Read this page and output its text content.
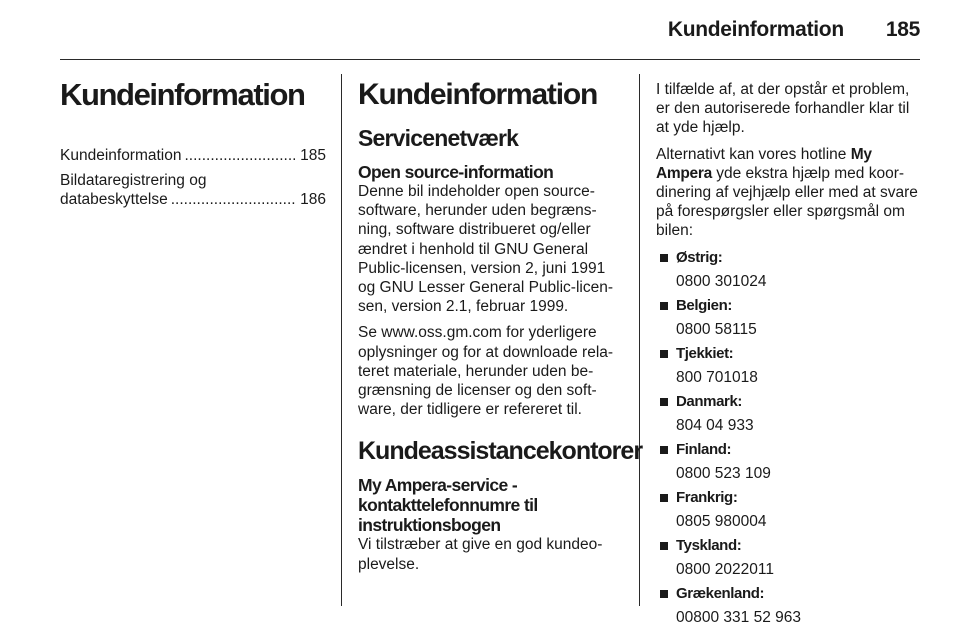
Kundeinformation 185
Kundeinformation
Kundeinformation .....	185
Bildataregistrering og
databeskyttelse .....	186
Kundeinformation
Servicenetværk
Open source-information

Denne bil indeholder open source-software, herunder uden begræns-ning, software distribueret og/eller ændret i henhold til GNU General Public-licensen, version 2, juni 1991 og GNU Lesser General Public-licen-sen, version 2.1, februar 1999.

Se www.oss.gm.com for yderligere oplysninger og for at downloade rela-teret materiale, herunder uden be-grænsning de licenser og den soft-ware, der tidligere er refereret til.

Kundeassistancekontorer
My Ampera-service - kontakttelefonnumre til instruktionsbogen

Vi tilstræber at give en god kundeo-plevelse.

I tilfælde af, at der opstår et problem, er den autoriserede forhandler klar til at yde hjælp.

Alternativt kan vores hotline My Ampera yde ekstra hjælp med koor-dinering af vejhjælp eller med at svare på forespørgsler eller spørgsmål om bilen:

Østrig:
0800 301024
Belgien:
0800 58115
Tjekkiet:
800 701018
Danmark:
804 04 933
Finland:
0800 523 109
Frankrig:
0805 980004
Tyskland:
0800 2022011
Grækenland:
00800 331 52 963
